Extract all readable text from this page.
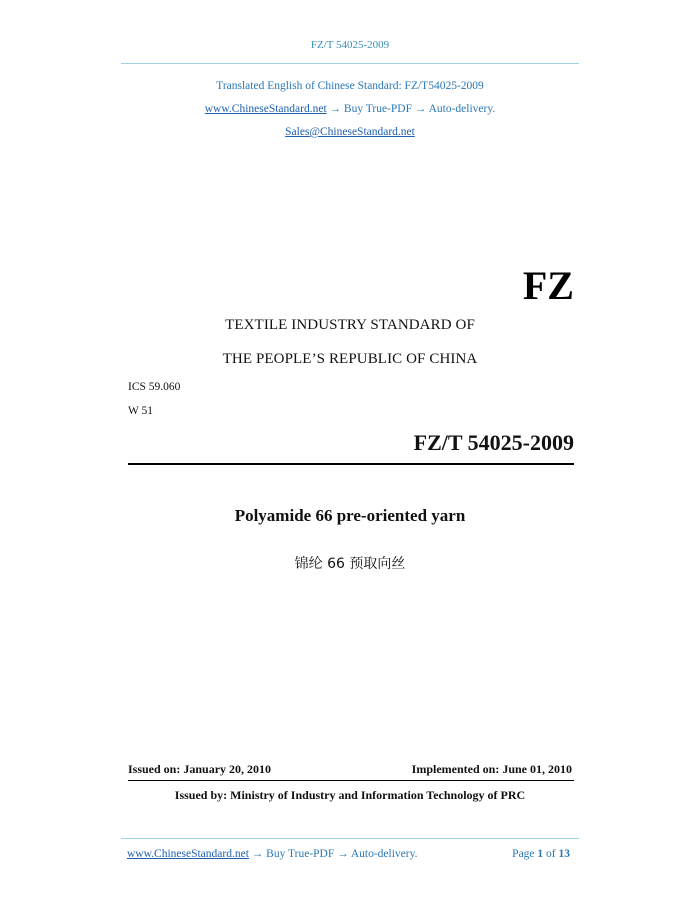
FZ/T 54025-2009
Translated English of Chinese Standard: FZ/T54025-2009
www.ChineseStandard.net → Buy True-PDF → Auto-delivery.
Sales@ChineseStandard.net
FZ
TEXTILE INDUSTRY STANDARD OF
THE PEOPLE’S REPUBLIC OF CHINA
ICS 59.060
W 51
FZ/T 54025-2009
Polyamide 66 pre-oriented yarn
锦纶 66 预取向丝
Issued on: January 20, 2010	Implemented on: June 01, 2010
Issued by: Ministry of Industry and Information Technology of PRC
www.ChineseStandard.net → Buy True-PDF → Auto-delivery.	Page 1 of 13
